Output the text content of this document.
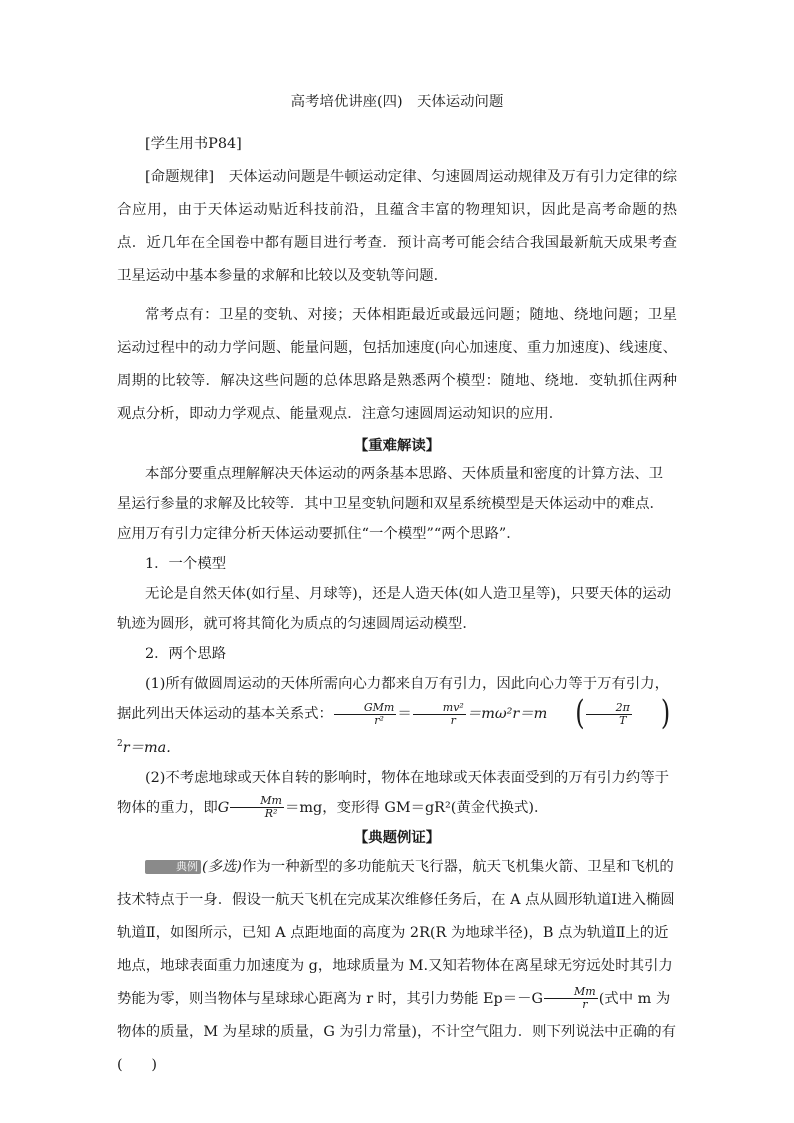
高考培优讲座(四)　天体运动问题

[学生用书P84]

[命题规律]　天体运动问题是牛顿运动定律、匀速圆周运动规律及万有引力定律的综合应用，由于天体运动贴近科技前沿，且蕴含丰富的物理知识，因此是高考命题的热点．近几年在全国卷中都有题目进行考查．预计高考可能会结合我国最新航天成果考查卫星运动中基本参量的求解和比较以及变轨等问题．

常考点有：卫星的变轨、对接；天体相距最近或最远问题；随地、绕地问题；卫星运动过程中的动力学问题、能量问题，包括加速度(向心加速度、重力加速度)、线速度、周期的比较等．解决这些问题的总体思路是熟悉两个模型：随地、绕地．变轨抓住两种观点分析，即动力学观点、能量观点．注意匀速圆周运动知识的应用．

【重难解读】

本部分要重点理解解决天体运动的两条基本思路、天体质量和密度的计算方法、卫星运行参量的求解及比较等．其中卫星变轨问题和双星系统模型是天体运动中的难点．应用万有引力定律分析天体运动要抓住“一个模型”“两个思路”．

1．一个模型

无论是自然天体(如行星、月球等)，还是人造天体(如人造卫星等)，只要天体的运动轨迹为圆形，就可将其简化为质点的匀速圆周运动模型．

2．两个思路

(1)所有做圆周运动的天体所需向心力都来自万有引力，因此向心力等于万有引力，据此列出天体运动的基本关系式： $\frac{\text{GMm}}{\text{r²}} = \frac{\text{mv²}}{r} =m\omega^2r=m$ ( $\frac{2\pi}{T} )^2r=ma$.

(2)不考虑地球或天体自转的影响时，物体在地球或天体表面受到的万有引力约等于物体的重力，即G $\frac{Mm}{\text{R²}} =mg$，变形得 GM＝gR²(黄金代换式)．

【典题例证】

典例 (多选)作为一种新型的多功能航天飞行器，航天飞机集火箭、卫星和飞机的技术特点于一身．假设一航天飞机在完成某次维修任务后，在 A 点从圆形轨道Ⅰ进入椭圆轨道Ⅱ，如图所示，已知 A 点距地面的高度为 2R(R 为地球半径)，B 点为轨道Ⅱ上的近地点，地球表面重力加速度为 g，地球质量为 M.又知若物体在离星球无穷远处时其引力势能为零，则当物体与星球球心距离为 r 时，其引力势能 $Ep=-G \frac{Mm}{r}$ (式中 m 为物体的质量，M 为星球的质量，G 为引力常量)，不计空气阻力．则下列说法中正确的有(　　)
